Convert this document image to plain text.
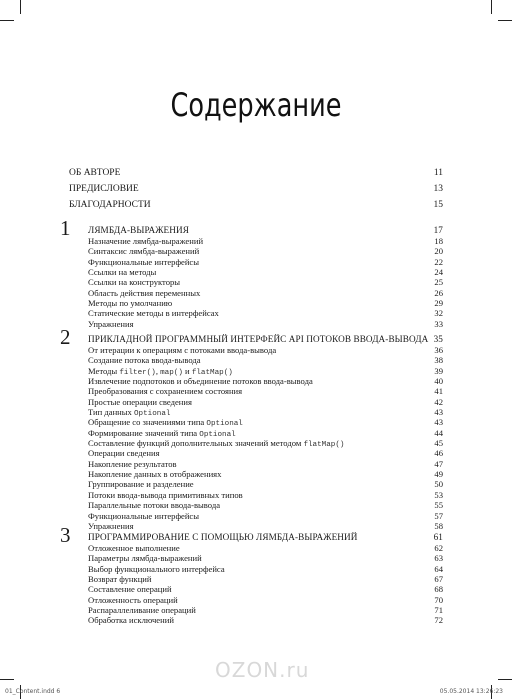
Содержание
ОБ АВТОРЕ	11
ПРЕДИСЛОВИЕ	13
БЛАГОДАРНОСТИ	15
1	ЛЯМБДА-ВЫРАЖЕНИЯ	17
Назначение лямбда-выражений	18
Синтаксис лямбда-выражений	20
Функциональные интерфейсы	22
Ссылки на методы	24
Ссылки на конструкторы	25
Область действия переменных	26
Методы по умолчанию	29
Статические методы в интерфейсах	32
Упражнения	33
2	ПРИКЛАДНОЙ ПРОГРАММНЫЙ ИНТЕРФЕЙС API ПОТОКОВ ВВОДА-ВЫВОДА 35
От итерации к операциям с потоками ввода-вывода	36
Создание потока ввода-вывода	38
Методы filter(), map() и flatMap()	39
Извлечение подпотоков и объединение потоков ввода-вывода	40
Преобразования с сохранением состояния	41
Простые операции сведения	42
Тип данных Optional	43
Обращение со значениями типа Optional	43
Формирование значений типа Optional	44
Составление функций дополнительных значений методом flatMap()	45
Операции сведения	46
Накопление результатов	47
Накопление данных в отображениях	49
Группирование и разделение	50
Потоки ввода-вывода примитивных типов	53
Параллельные потоки ввода-вывода	55
Функциональные интерфейсы	57
Упражнения	58
3	ПРОГРАММИРОВАНИЕ С ПОМОЩЬЮ ЛЯМБДА-ВЫРАЖЕНИЙ	61
Отложенное выполнение	62
Параметры лямбда-выражений	63
Выбор функционального интерфейса	64
Возврат функций	67
Составление операций	68
Отложенность операций	70
Распараллеливание операций	71
Обработка исключений	72
OZON.ru
01_Content.indd 6	05.05.2014 13:26:23
